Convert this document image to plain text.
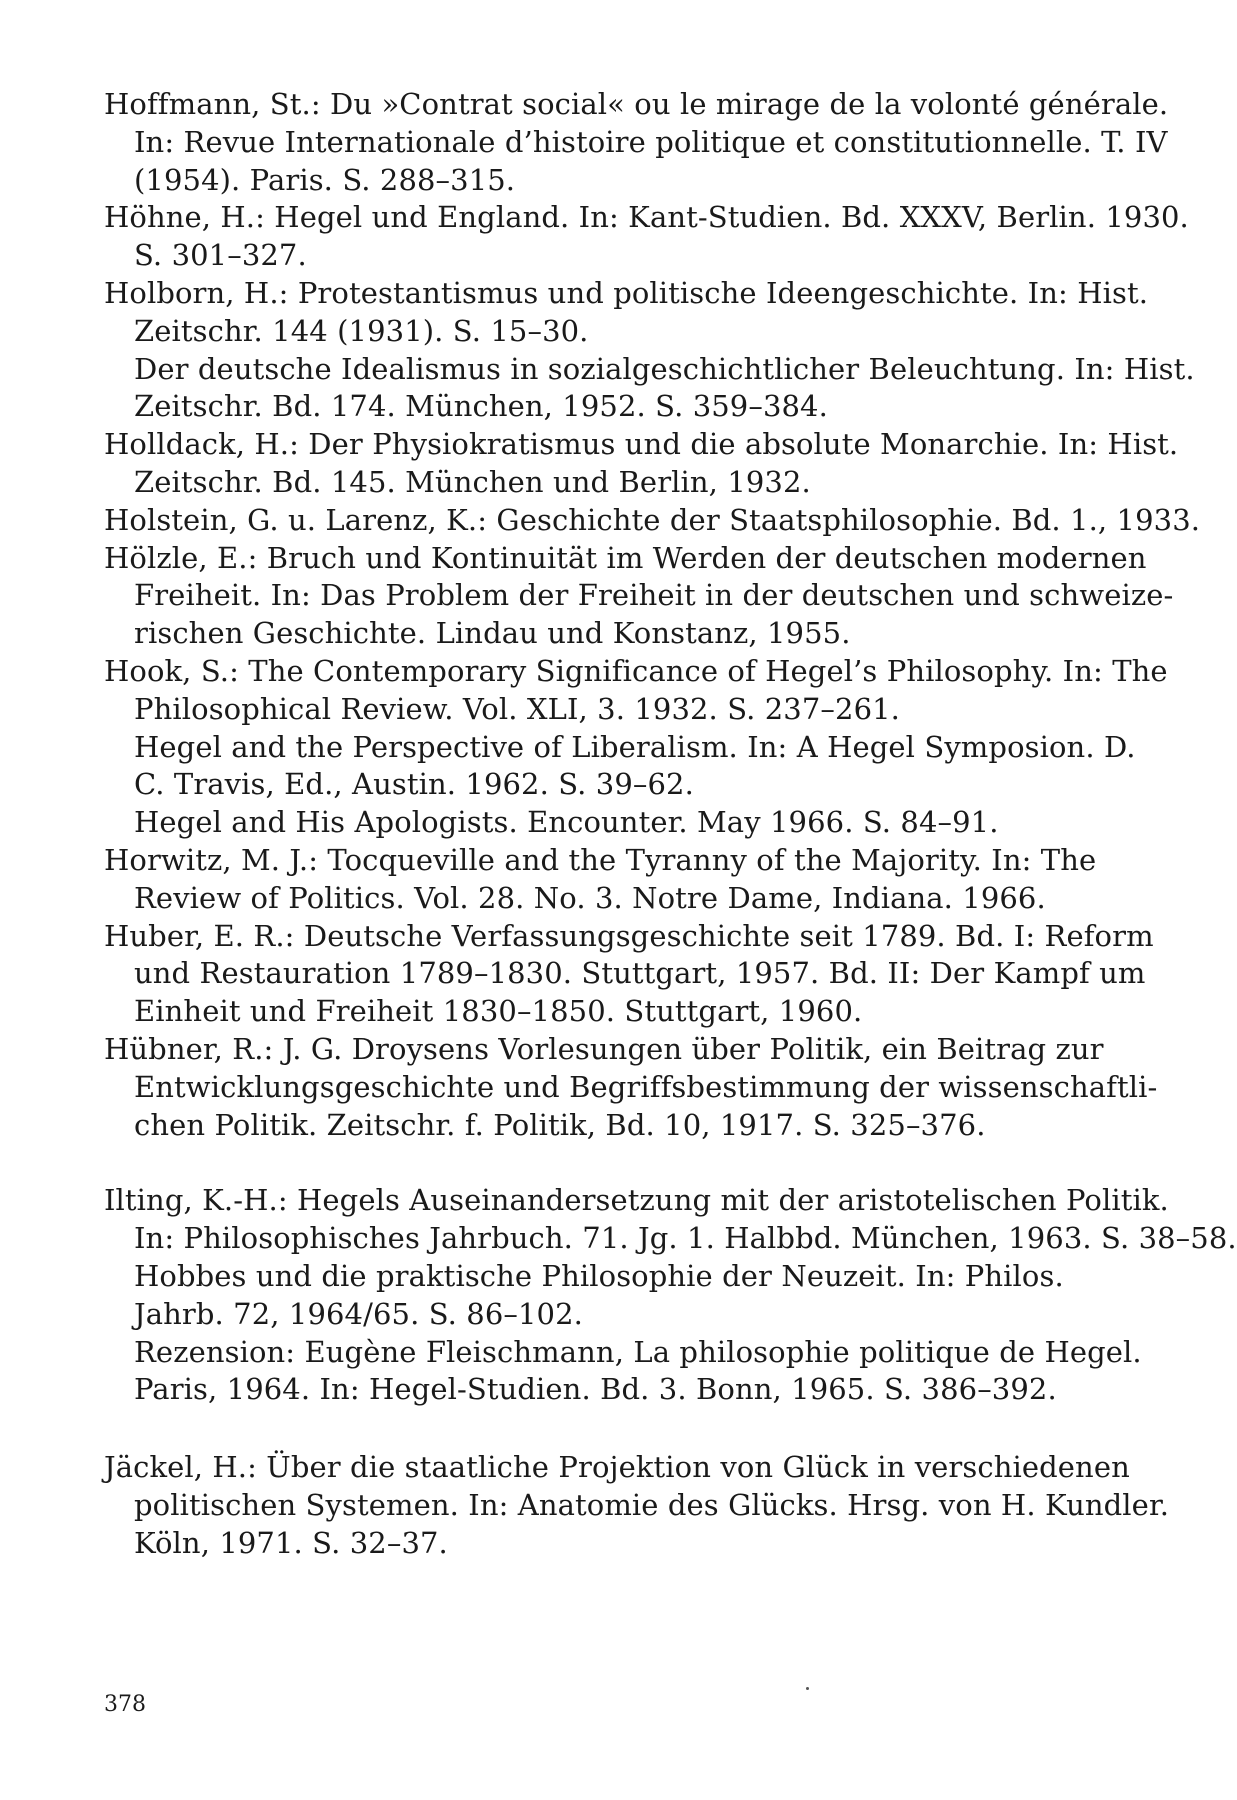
Hoffmann, St.: Du »Contrat social« ou le mirage de la volonté générale.
In: Revue Internationale d’histoire politique et constitutionnelle. T. IV
(1954). Paris. S. 288–315.
Höhne, H.: Hegel und England. In: Kant-Studien. Bd. XXXV, Berlin. 1930.
S. 301–327.
Holborn, H.: Protestantismus und politische Ideengeschichte. In: Hist.
Zeitschr. 144 (1931). S. 15–30.
Der deutsche Idealismus in sozialgeschichtlicher Beleuchtung. In: Hist.
Zeitschr. Bd. 174. München, 1952. S. 359–384.
Holldack, H.: Der Physiokratismus und die absolute Monarchie. In: Hist.
Zeitschr. Bd. 145. München und Berlin, 1932.
Holstein, G. u. Larenz, K.: Geschichte der Staatsphilosophie. Bd. 1., 1933.
Hölzle, E.: Bruch und Kontinuität im Werden der deutschen modernen
Freiheit. In: Das Problem der Freiheit in der deutschen und schweize-
rischen Geschichte. Lindau und Konstanz, 1955.
Hook, S.: The Contemporary Significance of Hegel’s Philosophy. In: The
Philosophical Review. Vol. XLI, 3. 1932. S. 237–261.
Hegel and the Perspective of Liberalism. In: A Hegel Symposion. D.
C. Travis, Ed., Austin. 1962. S. 39–62.
Hegel and His Apologists. Encounter. May 1966. S. 84–91.
Horwitz, M. J.: Tocqueville and the Tyranny of the Majority. In: The
Review of Politics. Vol. 28. No. 3. Notre Dame, Indiana. 1966.
Huber, E. R.: Deutsche Verfassungsgeschichte seit 1789. Bd. I: Reform
und Restauration 1789–1830. Stuttgart, 1957. Bd. II: Der Kampf um
Einheit und Freiheit 1830–1850. Stuttgart, 1960.
Hübner, R.: J. G. Droysens Vorlesungen über Politik, ein Beitrag zur
Entwicklungsgeschichte und Begriffsbestimmung der wissenschaftli-
chen Politik. Zeitschr. f. Politik, Bd. 10, 1917. S. 325–376.
Ilting, K.-H.: Hegels Auseinandersetzung mit der aristotelischen Politik.
In: Philosophisches Jahrbuch. 71. Jg. 1. Halbbd. München, 1963. S. 38–58.
Hobbes und die praktische Philosophie der Neuzeit. In: Philos.
Jahrb. 72, 1964/65. S. 86–102.
Rezension: Eugène Fleischmann, La philosophie politique de Hegel.
Paris, 1964. In: Hegel-Studien. Bd. 3. Bonn, 1965. S. 386–392.
Jäckel, H.: Über die staatliche Projektion von Glück in verschiedenen
politischen Systemen. In: Anatomie des Glücks. Hrsg. von H. Kundler.
Köln, 1971. S. 32–37.
378
